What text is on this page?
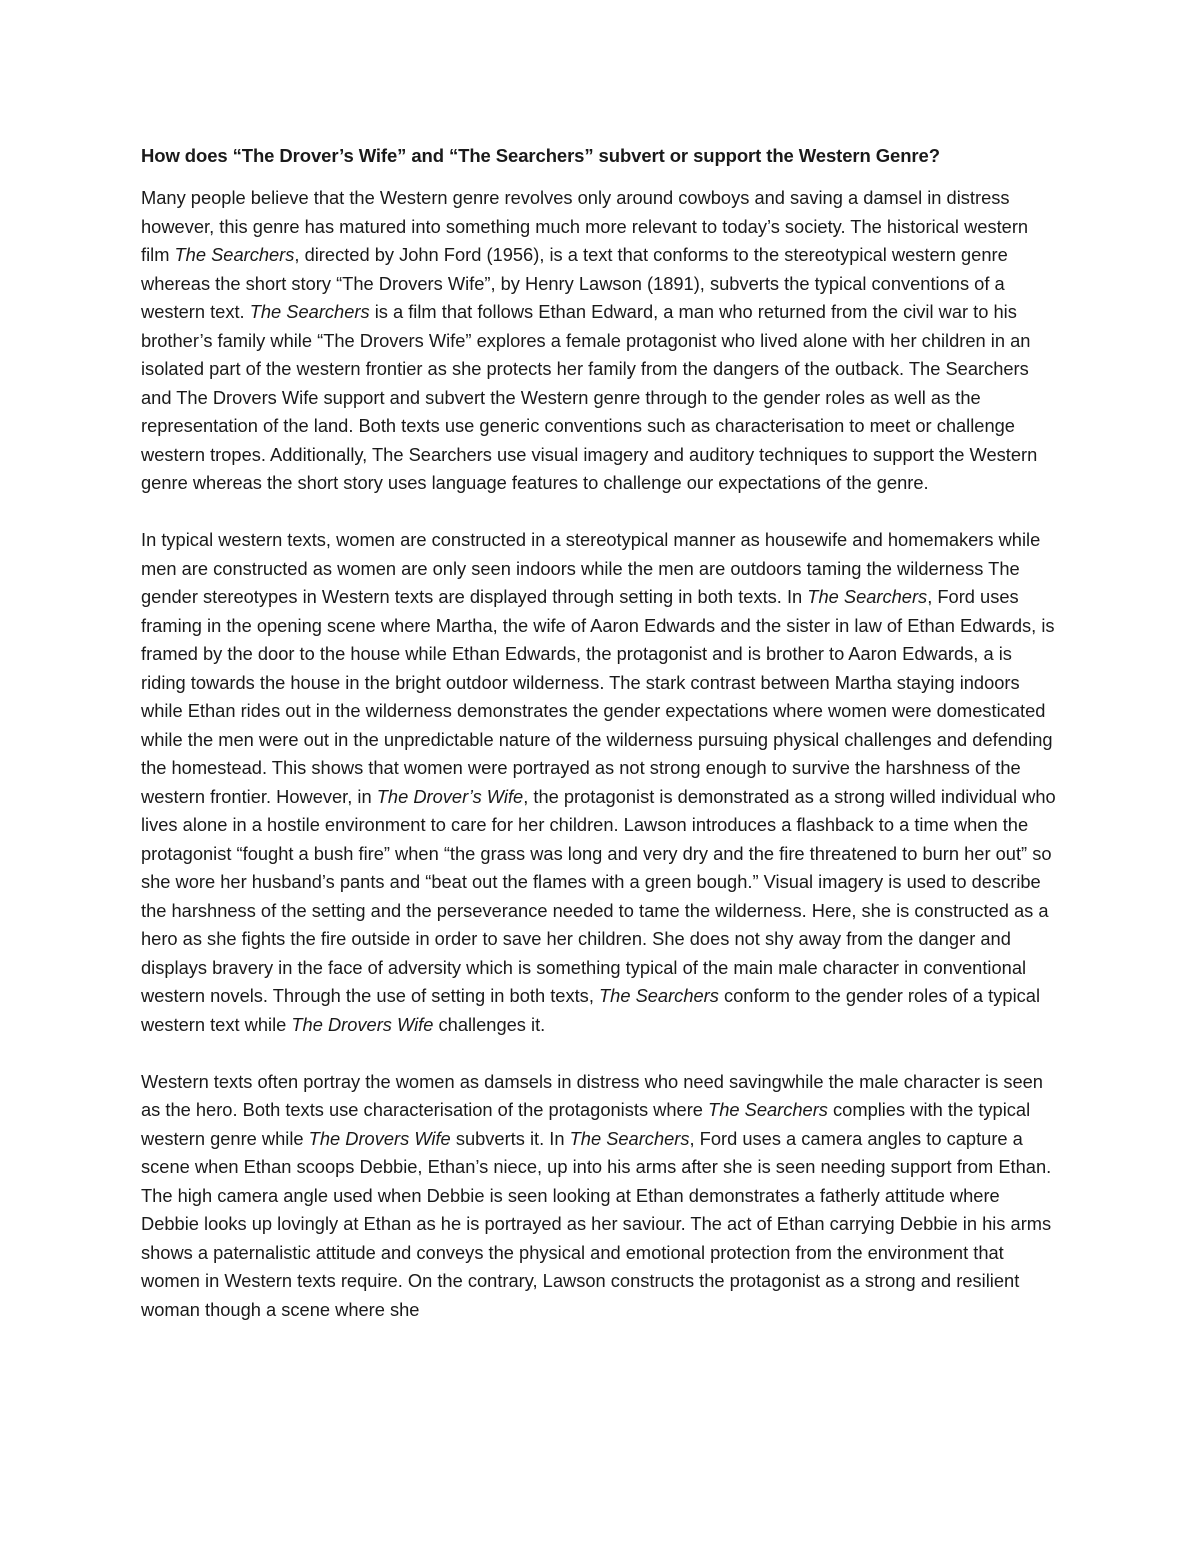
How does “The Drover’s Wife” and “The Searchers” subvert or support the Western Genre?

Many people believe that the Western genre revolves only around cowboys and saving a damsel in distress however, this genre has matured into something much more relevant to today’s society. The historical western film The Searchers, directed by John Ford (1956), is a text that conforms to the stereotypical western genre whereas the short story “The Drovers Wife”, by Henry Lawson (1891), subverts the typical conventions of a western text. The Searchers is a film that follows Ethan Edward, a man who returned from the civil war to his brother’s family while “The Drovers Wife” explores a female protagonist who lived alone with her children in an isolated part of the western frontier as she protects her family from the dangers of the outback. The Searchers and The Drovers Wife support and subvert the Western genre through to the gender roles as well as the representation of the land. Both texts use generic conventions such as characterisation to meet or challenge western tropes. Additionally, The Searchers use visual imagery and auditory techniques to support the Western genre whereas the short story uses language features to challenge our expectations of the genre.

In typical western texts, women are constructed in a stereotypical manner as housewife and homemakers while men are constructed as women are only seen indoors while the men are outdoors taming the wilderness The gender stereotypes in Western texts are displayed through setting in both texts. In The Searchers, Ford uses framing in the opening scene where Martha, the wife of Aaron Edwards and the sister in law of Ethan Edwards, is framed by the door to the house while Ethan Edwards, the protagonist and is brother to Aaron Edwards, a is riding towards the house in the bright outdoor wilderness. The stark contrast between Martha staying indoors while Ethan rides out in the wilderness demonstrates the gender expectations where women were domesticated while the men were out in the unpredictable nature of the wilderness pursuing physical challenges and defending the homestead. This shows that women were portrayed as not strong enough to survive the harshness of the western frontier. However, in The Drover’s Wife, the protagonist is demonstrated as a strong willed individual who lives alone in a hostile environment to care for her children. Lawson introduces a flashback to a time when the protagonist “fought a bush fire” when “the grass was long and very dry and the fire threatened to burn her out” so she wore her husband’s pants and “beat out the flames with a green bough.” Visual imagery is used to describe the harshness of the setting and the perseverance needed to tame the wilderness. Here, she is constructed as a hero as she fights the fire outside in order to save her children. She does not shy away from the danger and displays bravery in the face of adversity which is something typical of the main male character in conventional western novels. Through the use of setting in both texts, The Searchers conform to the gender roles of a typical western text while The Drovers Wife challenges it.

Western texts often portray the women as damsels in distress who need savingwhile the male character is seen as the hero. Both texts use characterisation of the protagonists where The Searchers complies with the typical western genre while The Drovers Wife subverts it. In The Searchers, Ford uses a camera angles to capture a scene when Ethan scoops Debbie, Ethan’s niece, up into his arms after she is seen needing support from Ethan. The high camera angle used when Debbie is seen looking at Ethan demonstrates a fatherly attitude where Debbie looks up lovingly at Ethan as he is portrayed as her saviour. The act of Ethan carrying Debbie in his arms shows a paternalistic attitude and conveys the physical and emotional protection from the environment that women in Western texts require. On the contrary, Lawson constructs the protagonist as a strong and resilient woman though a scene where she
